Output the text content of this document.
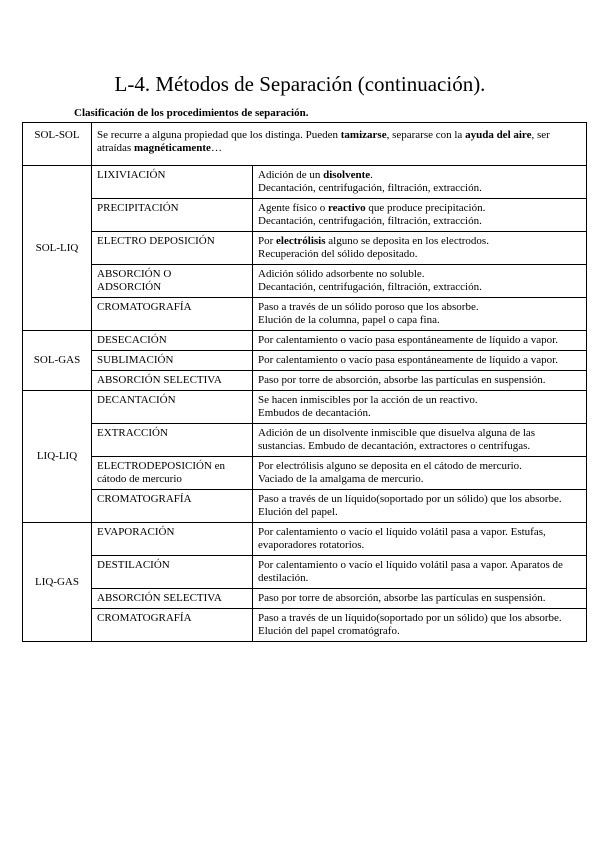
L-4. Métodos de Separación (continuación).
Clasificación de los procedimientos de separación.
SOL-SOL	Se recurre a alguna propiedad que los distinga. Pueden tamizarse, separarse con la ayuda del aire, ser atraídas magnéticamente…	
SOL-LIQ	LIXIVIACIÓN	Adición de un disolvente.
Decantación, centrifugación, filtración, extracción.
	PRECIPITACIÓN	Agente físico o reactivo que produce precipitación.
Decantación, centrifugación, filtración, extracción.
	ELECTRO DEPOSICIÓN	Por electrólisis alguno se deposita en los electrodos.
Recuperación del sólido depositado.
	ABSORCIÓN O
ADSORCIÓN	Adición sólido adsorbente no soluble.
Decantación, centrifugación, filtración, extracción.
	CROMATOGRAFÍA	Paso a través de un sólido poroso que los absorbe.
Elución de la columna, papel o capa fina.
SOL-GAS	DESECACIÓN	Por calentamiento o vacío pasa espontáneamente de líquido a vapor.
	SUBLIMACIÓN	Por calentamiento o vacío pasa espontáneamente de líquido a vapor.
	ABSORCIÓN SELECTIVA	Paso por torre de absorción, absorbe las partículas en suspensión.
LIQ-LIQ	DECANTACIÓN	Se hacen inmiscibles por la acción de un reactivo.
Embudos de decantación.
	EXTRACCIÓN	Adición de un disolvente inmiscible que disuelva alguna de las sustancias. Embudo de decantación, extractores o centrífugas.
	ELECTRODEPOSICIÓN en cátodo de mercurio	Por electrólisis alguno se deposita en el cátodo de mercurio.
Vaciado de la amalgama de mercurio.
	CROMATOGRAFÍA	Paso a través de un líquido(soportado por un sólido) que los absorbe. Elución del papel.
LIQ-GAS	EVAPORACIÓN	Por calentamiento o vacío el líquido volátil pasa a vapor. Estufas, evaporadores rotatorios.
	DESTILACIÓN	Por calentamiento o vacío el líquido volátil pasa a vapor. Aparatos de destilación.
	ABSORCIÓN SELECTIVA	Paso por torre de absorción, absorbe las partículas en suspensión.
	CROMATOGRAFÍA	Paso a través de un líquido(soportado por un sólido) que los absorbe. Elución del papel cromatógrafo.
